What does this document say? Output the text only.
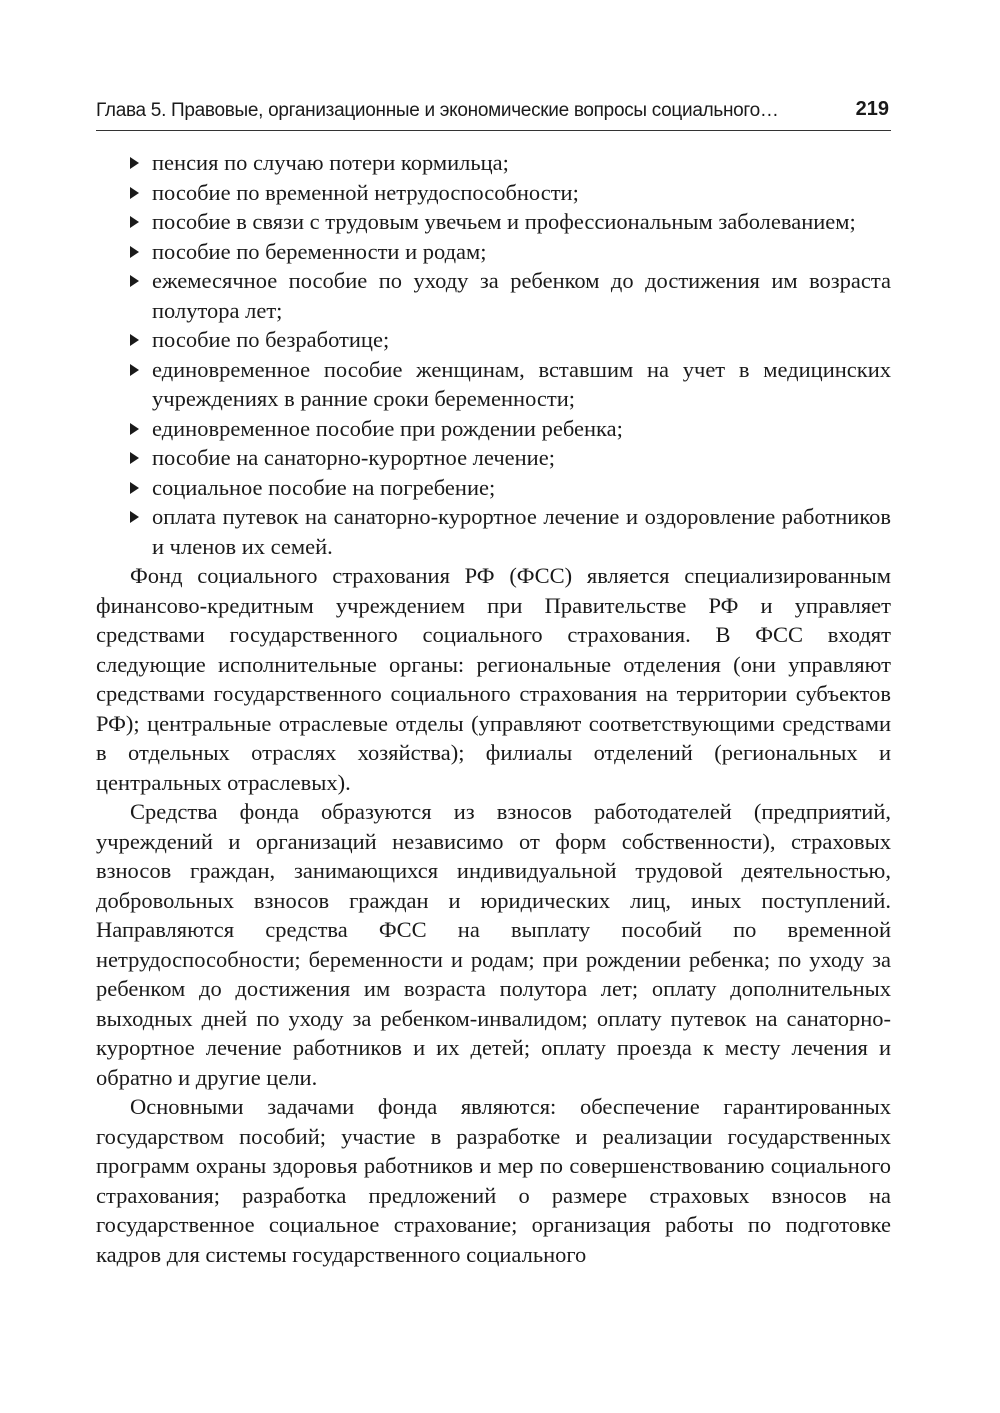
Глава 5. Правовые, организационные и экономические вопросы социального…	219
пенсия по случаю потери кормильца;
пособие по временной нетрудоспособности;
пособие в связи с трудовым увечьем и профессиональным заболеванием;
пособие по беременности и родам;
ежемесячное пособие по уходу за ребенком до достижения им возраста полутора лет;
пособие по безработице;
единовременное пособие женщинам, вставшим на учет в медицинских учреждениях в ранние сроки беременности;
единовременное пособие при рождении ребенка;
пособие на санаторно-курортное лечение;
социальное пособие на погребение;
оплата путевок на санаторно-курортное лечение и оздоровление работников и членов их семей.

Фонд социального страхования РФ (ФСС) является специализированным финансово-кредитным учреждением при Правительстве РФ и управляет средствами государственного социального страхования. В ФСС входят следующие исполнительные органы: региональные отделения (они управляют средствами государственного социального страхования на территории субъектов РФ); центральные отраслевые отделы (управляют соответствующими средствами в отдельных отраслях хозяйства); филиалы отделений (региональных и центральных отраслевых).

Средства фонда образуются из взносов работодателей (предприятий, учреждений и организаций независимо от форм собственности), страховых взносов граждан, занимающихся индивидуальной трудовой деятельностью, добровольных взносов граждан и юридических лиц, иных поступлений. Направляются средства ФСС на выплату пособий по временной нетрудоспособности; беременности и родам; при рождении ребенка; по уходу за ребенком до достижения им возраста полутора лет; оплату дополнительных выходных дней по уходу за ребенком-инвалидом; оплату путевок на санаторно-курортное лечение работников и их детей; оплату проезда к месту лечения и обратно и другие цели.

Основными задачами фонда являются: обеспечение гарантированных государством пособий; участие в разработке и реализации государственных программ охраны здоровья работников и мер по совершенствованию социального страхования; разработка предложений о размере страховых взносов на государственное социальное страхование; организация работы по подготовке кадров для системы государственного социального
